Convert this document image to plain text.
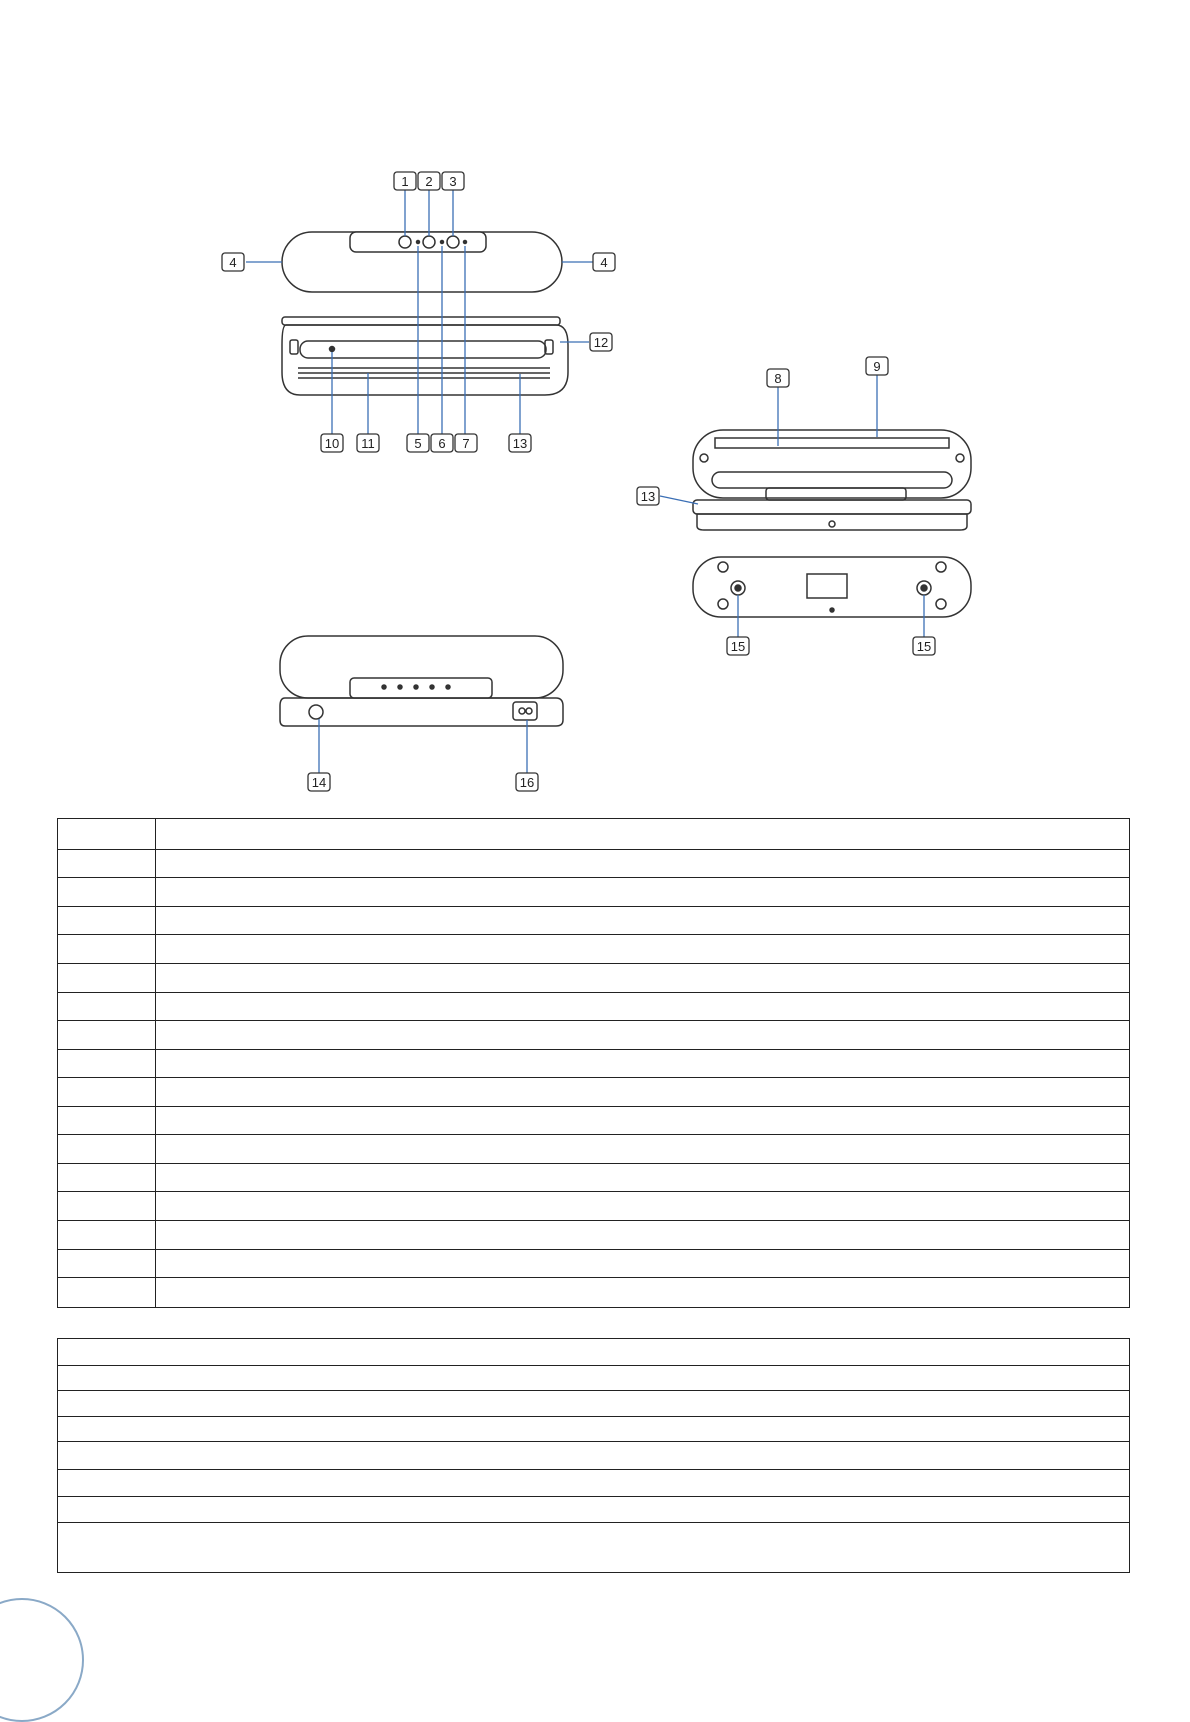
1 2 3
4	4
12
10 11	5 6 7	13
8
9
13
15	15
14	16
